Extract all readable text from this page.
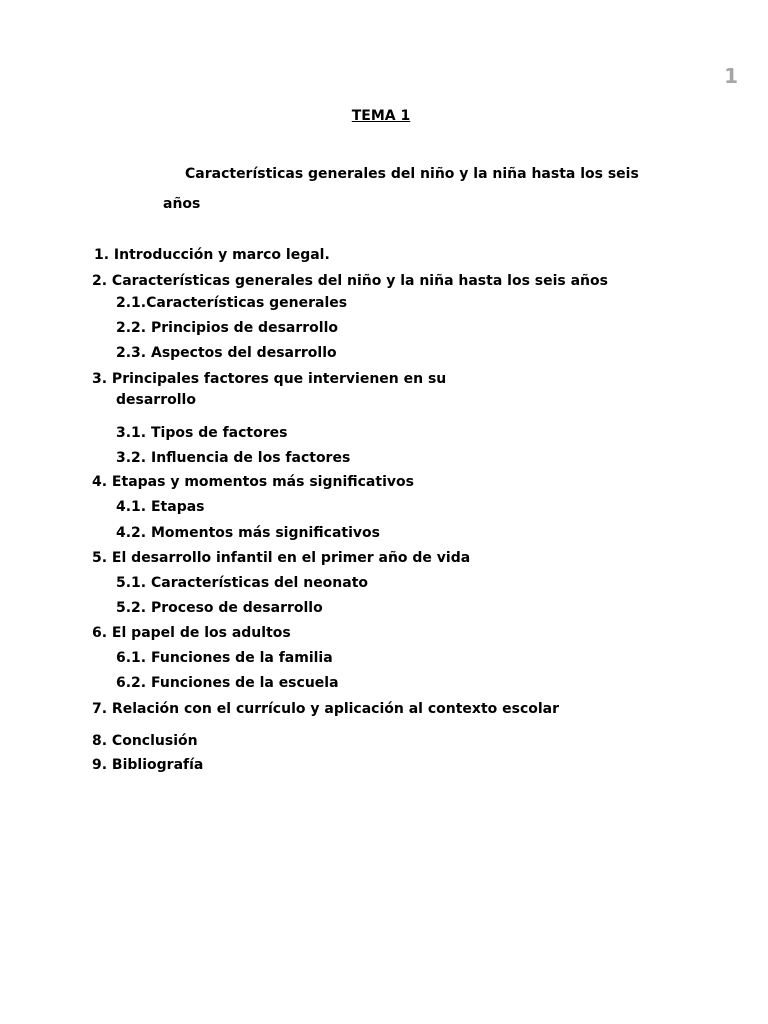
1
TEMA 1
Características generales del niño y la niña hasta los seis
años
1. Introducción y marco legal.
2. Características generales del niño y la niña hasta los seis años
2.1.Características generales
2.2. Principios de desarrollo
2.3. Aspectos del desarrollo
3. Principales factores que intervienen en su
desarrollo
3.1. Tipos de factores
3.2. Influencia de los factores
4. Etapas y momentos más significativos
4.1. Etapas
4.2. Momentos más significativos
5. El desarrollo infantil en el primer año de vida
5.1. Características del neonato
5.2. Proceso de desarrollo
6. El papel de los adultos
6.1. Funciones de la familia
6.2. Funciones de la escuela
7. Relación con el currículo y aplicación al contexto escolar
8. Conclusión
9. Bibliografía
